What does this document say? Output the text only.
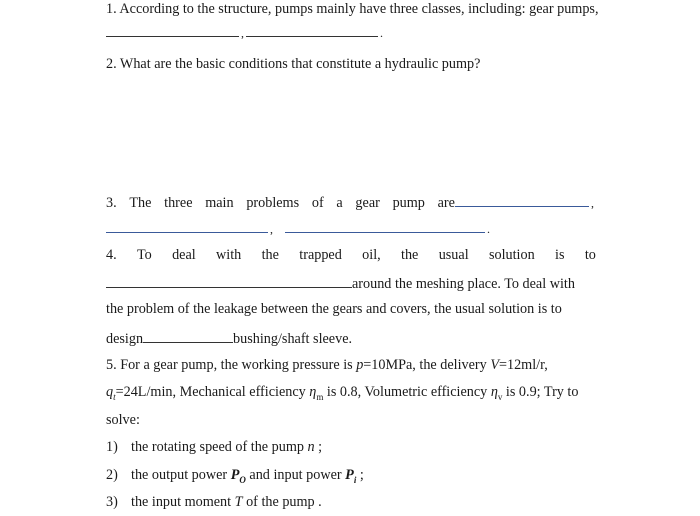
1. According to the structure, pumps mainly have three classes, including: gear pumps,
,	.
2. What are the basic conditions that constitute a hydraulic pump?
3. The three main problems of a gear pump are	,
,	.
4. To deal with the trapped oil, the usual solution is to
around the meshing place. To deal with
the problem of the leakage between the gears and covers, the usual solution is to
design	bushing/shaft sleeve.
5. For a gear pump, the working pressure is p=10MPa, the delivery V=12ml/r,
$q_t=24L/\min$, Mechanical efficiency $\eta_m$ is 0.8, Volumetric efficiency $\eta_v$ is 0.9; Try to
solve:
1) the rotating speed of the pump n ;
2) the output power $P_O$ and input power $P_i$ ;
3) the input moment T of the pump .
